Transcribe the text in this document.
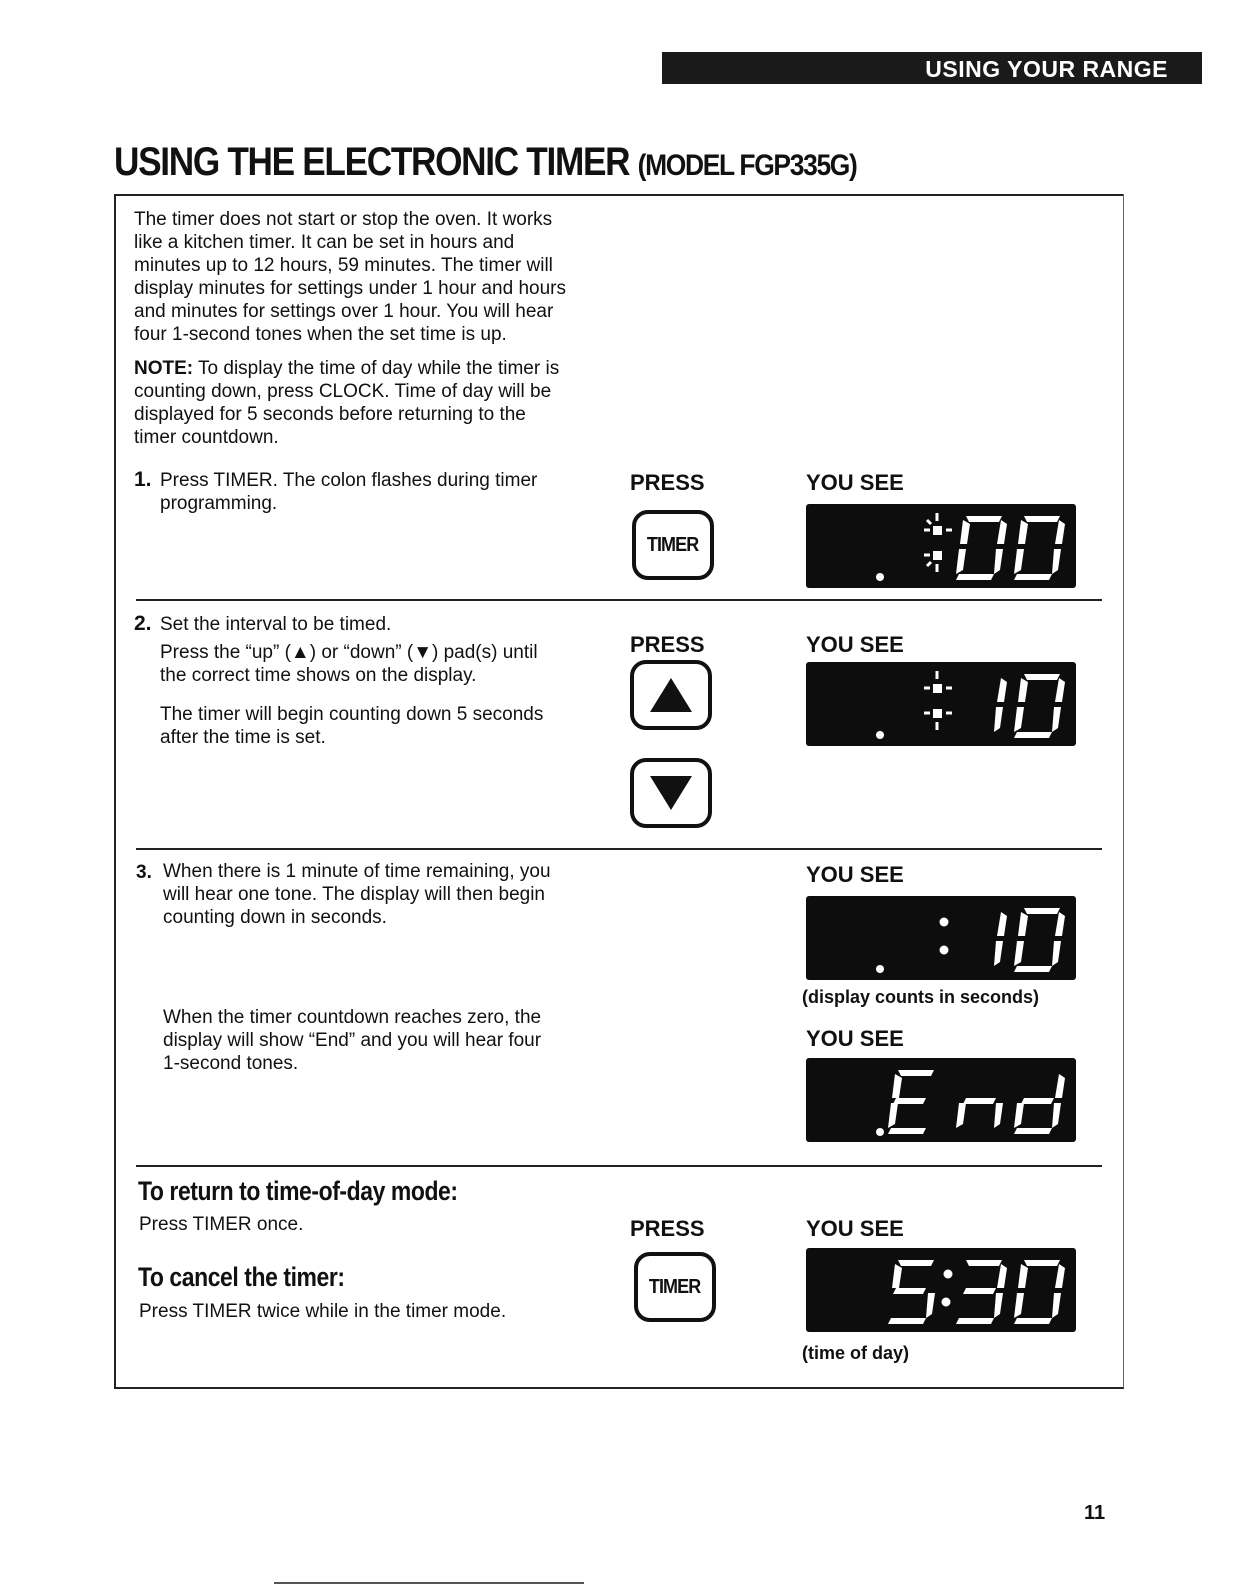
USING YOUR RANGE
USING THE ELECTRONIC TIMER (MODEL FGP335G)
The timer does not start or stop the oven. It works
like a kitchen timer. It can be set in hours and
minutes up to 12 hours, 59 minutes. The timer will
display minutes for settings under 1 hour and hours
and minutes for settings over 1 hour. You will hear
four 1-second tones when the set time is up.
NOTE: To display the time of day while the timer is
counting down, press CLOCK. Time of day will be
displayed for 5 seconds before returning to the
timer countdown.
1. Press TIMER. The colon flashes during timer
programming.
PRESS	YOU SEE
TIMER
2. Set the interval to be timed.
Press the “up” (▲) or “down” (▼) pad(s) until
the correct time shows on the display.
The timer will begin counting down 5 seconds
after the time is set.
PRESS	YOU SEE
3. When there is 1 minute of time remaining, you
will hear one tone. The display will then begin
counting down in seconds.
YOU SEE
(display counts in seconds)
When the timer countdown reaches zero, the
display will show “End” and you will hear four
1-second tones.
YOU SEE
To return to time-of-day mode:
Press TIMER once.	PRESS	YOU SEE
TIMER
(time of day)
To cancel the timer:
Press TIMER twice while in the timer mode.
11
